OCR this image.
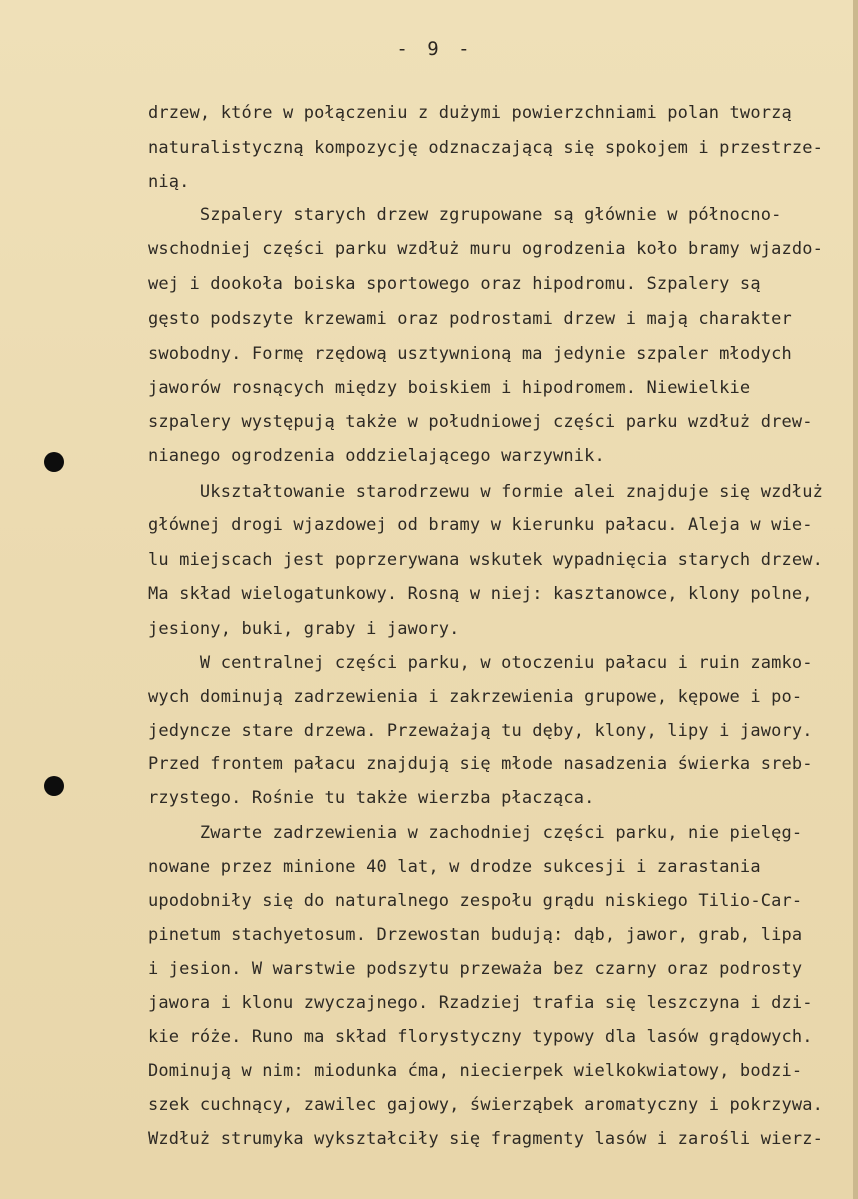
- 9 -
drzew, które w połączeniu z dużymi powierzchniami polan tworzą
naturalistyczną kompozycję odznaczającą się spokojem i przestrze-
nią.
Szpalery starych drzew zgrupowane są głównie w północno-
wschodniej części parku wzdłuż muru ogrodzenia koło bramy wjazdo-
wej i dookoła boiska sportowego oraz hipodromu. Szpalery są
gęsto podszyte krzewami oraz podrostami drzew i mają charakter
swobodny. Formę rzędową usztywnioną ma jedynie szpaler młodych
jaworów rosnących między boiskiem i hipodromem. Niewielkie
szpalery występują także w południowej części parku wzdłuż drew-
nianego ogrodzenia oddzielającego warzywnik.
Ukształtowanie starodrzewu w formie alei znajduje się wzdłuż
głównej drogi wjazdowej od bramy w kierunku pałacu. Aleja w wie-
lu miejscach jest poprzerywana wskutek wypadnięcia starych drzew.
Ma skład wielogatunkowy. Rosną w niej: kasztanowce, klony polne,
jesiony, buki, graby i jawory.
W centralnej części parku, w otoczeniu pałacu i ruin zamko-
wych dominują zadrzewienia i zakrzewienia grupowe, kępowe i po-
jedyncze stare drzewa. Przeważają tu dęby, klony, lipy i jawory.
Przed frontem pałacu znajdują się młode nasadzenia świerka sreb-
rzystego. Rośnie tu także wierzba płacząca.
Zwarte zadrzewienia w zachodniej części parku, nie pielęg-
nowane przez minione 40 lat, w drodze sukcesji i zarastania
upodobniły się do naturalnego zespołu grądu niskiego Tilio-Car-
pinetum stachyetosum. Drzewostan budują: dąb, jawor, grab, lipa
i jesion. W warstwie podszytu przeważa bez czarny oraz podrosty
jawora i klonu zwyczajnego. Rzadziej trafia się leszczyna i dzi-
kie róże. Runo ma skład florystyczny typowy dla lasów grądowych.
Dominują w nim: miodunka ćma, niecierpek wielkokwiatowy, bodzi-
szek cuchnący, zawilec gajowy, świerząbek aromatyczny i pokrzywa.
Wzdłuż strumyka wykształciły się fragmenty lasów i zarośli wierz-
